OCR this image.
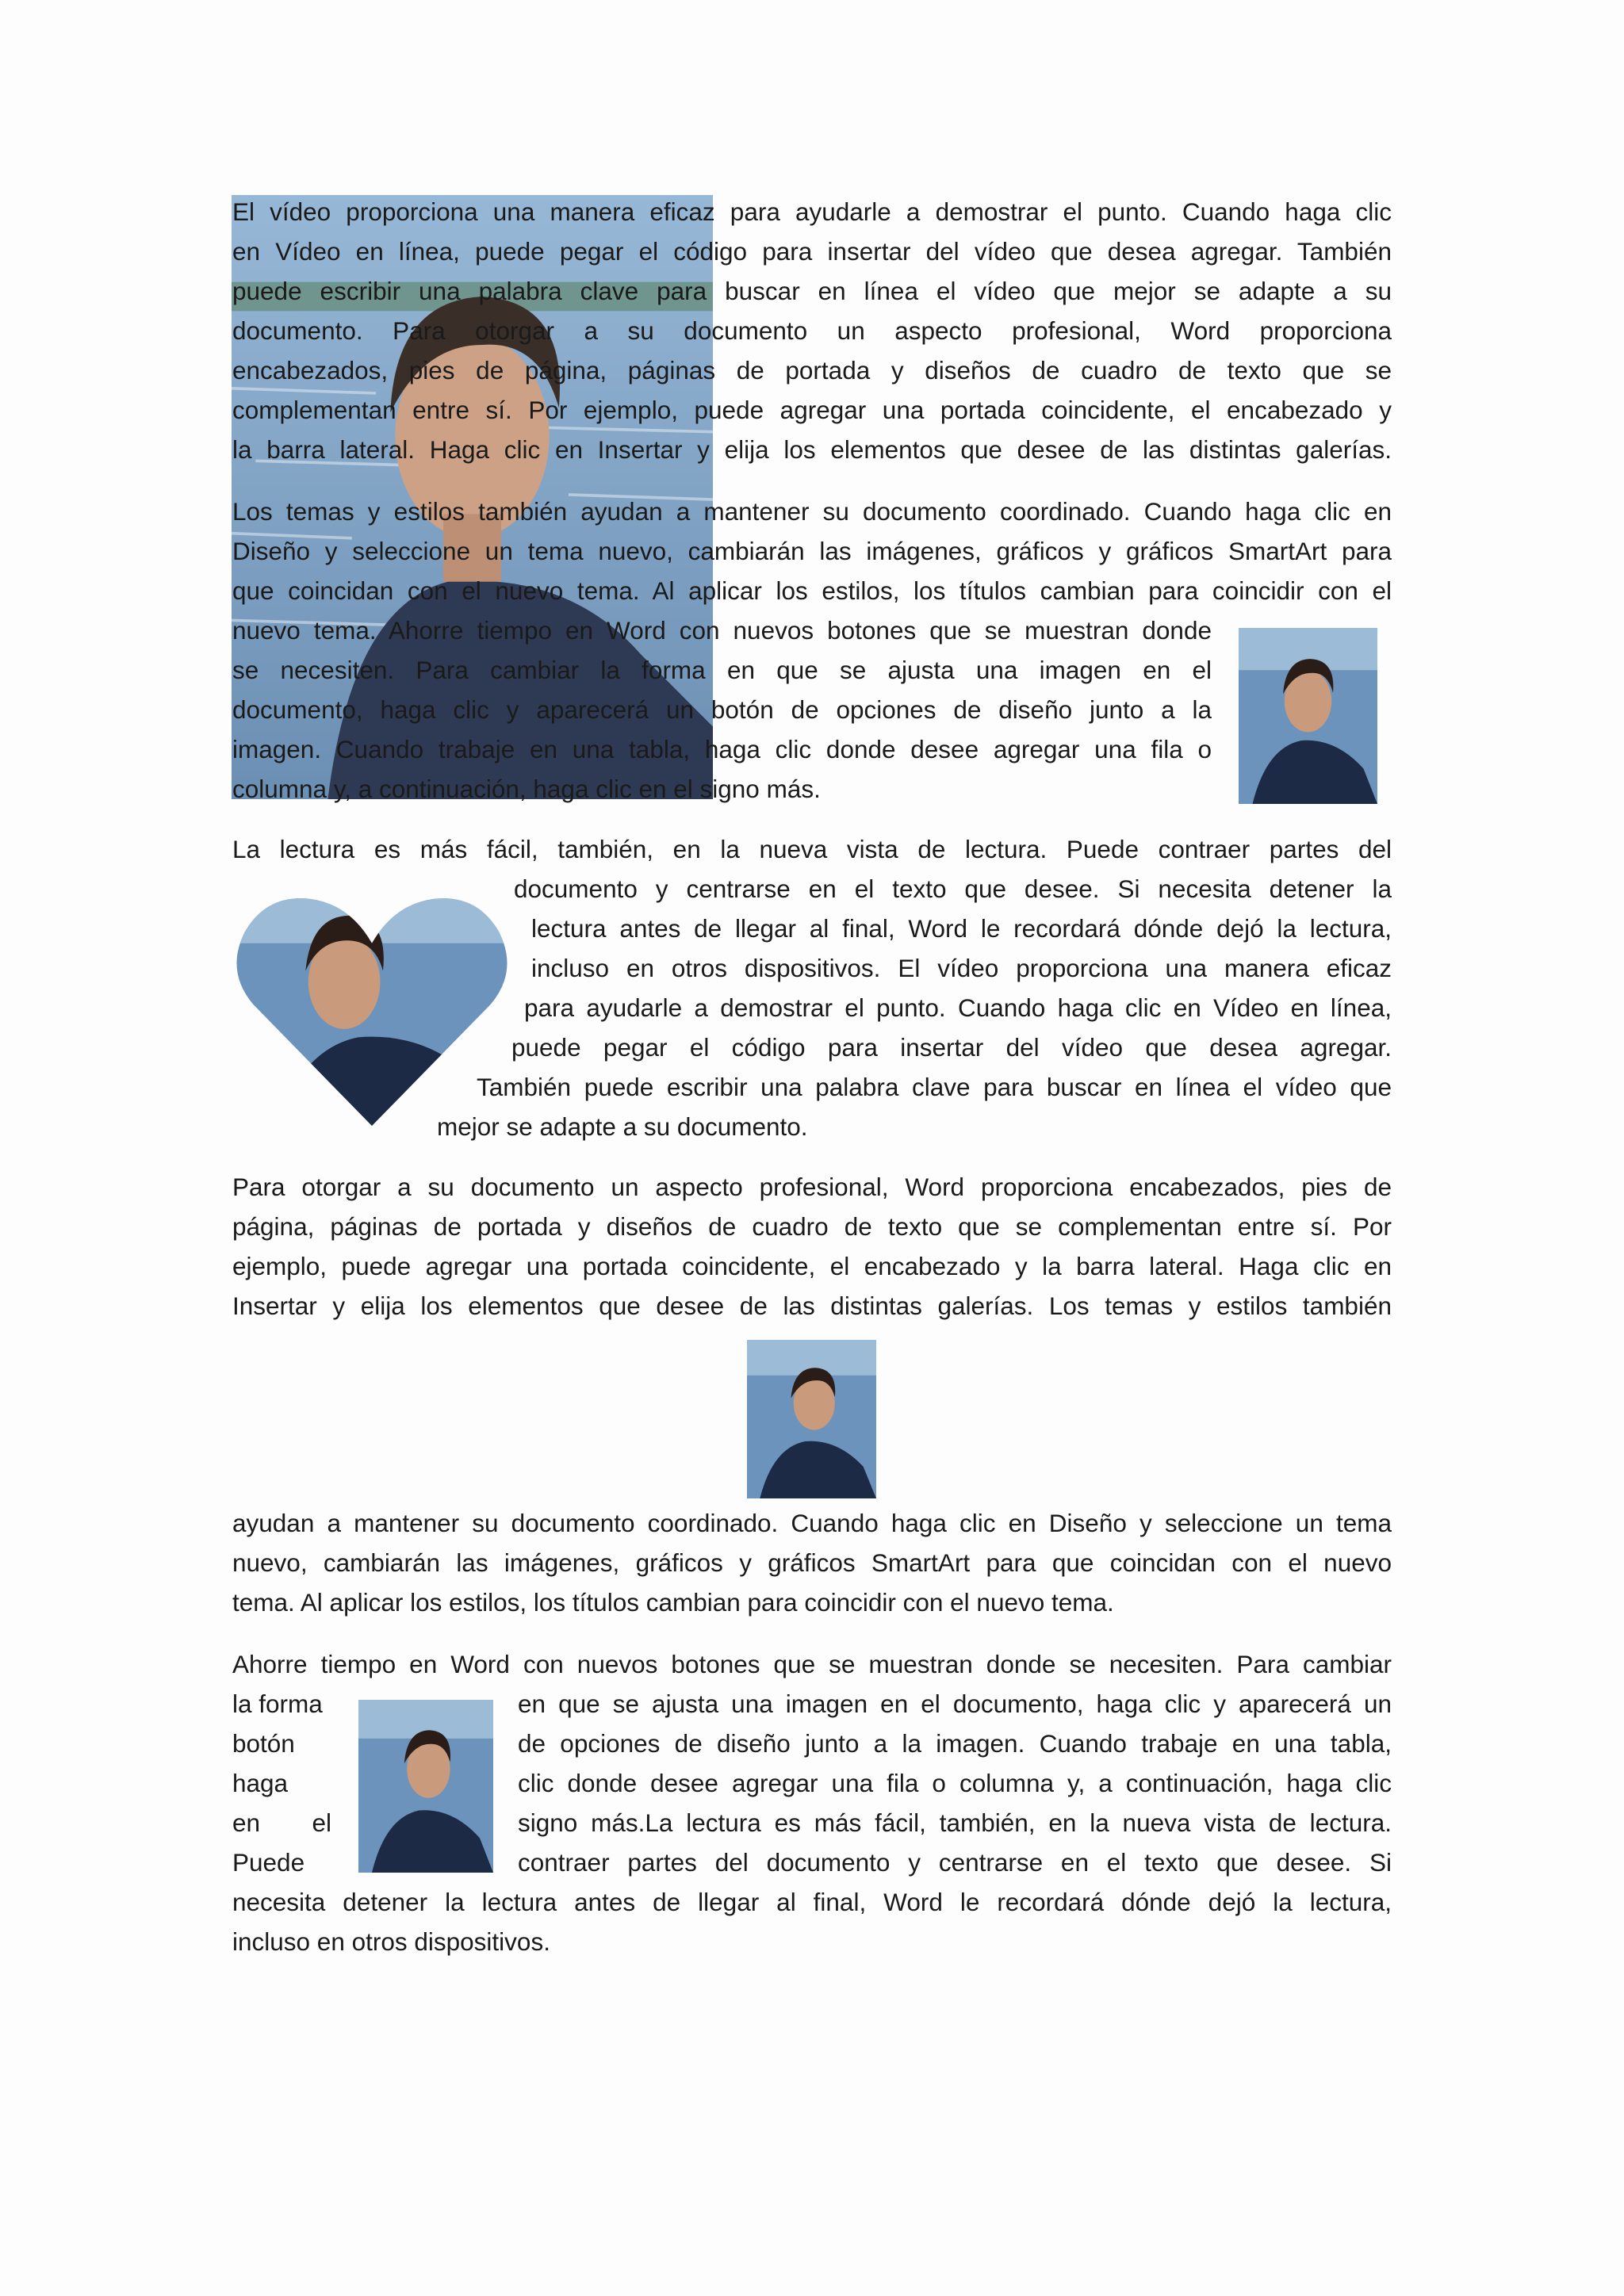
El vídeo proporciona una manera eficaz para ayudarle a demostrar el punto. Cuando haga clic
en Vídeo en línea, puede pegar el código para insertar del vídeo que desea agregar. También
puede escribir una palabra clave para buscar en línea el vídeo que mejor se adapte a su
documento. Para otorgar a su documento un aspecto profesional, Word proporciona
encabezados, pies de página, páginas de portada y diseños de cuadro de texto que se
complementan entre sí. Por ejemplo, puede agregar una portada coincidente, el encabezado y
la barra lateral. Haga clic en Insertar y elija los elementos que desee de las distintas galerías.
Los temas y estilos también ayudan a mantener su documento coordinado. Cuando haga clic en
Diseño y seleccione un tema nuevo, cambiarán las imágenes, gráficos y gráficos SmartArt para
que coincidan con el nuevo tema. Al aplicar los estilos, los títulos cambian para coincidir con el
nuevo tema. Ahorre tiempo en Word con nuevos botones que se muestran donde
se necesiten. Para cambiar la forma en que se ajusta una imagen en el
documento, haga clic y aparecerá un botón de opciones de diseño junto a la
imagen. Cuando trabaje en una tabla, haga clic donde desee agregar una fila o
columna y, a continuación, haga clic en el signo más.
La lectura es más fácil, también, en la nueva vista de lectura. Puede contraer partes del
documento y centrarse en el texto que desee. Si necesita detener la
lectura antes de llegar al final, Word le recordará dónde dejó la lectura,
incluso en otros dispositivos. El vídeo proporciona una manera eficaz
para ayudarle a demostrar el punto. Cuando haga clic en Vídeo en línea,
puede pegar el código para insertar del vídeo que desea agregar.
También puede escribir una palabra clave para buscar en línea el vídeo que
mejor se adapte a su documento.
Para otorgar a su documento un aspecto profesional, Word proporciona encabezados, pies de
página, páginas de portada y diseños de cuadro de texto que se complementan entre sí. Por
ejemplo, puede agregar una portada coincidente, el encabezado y la barra lateral. Haga clic en
Insertar y elija los elementos que desee de las distintas galerías. Los temas y estilos también
ayudan a mantener su documento coordinado. Cuando haga clic en Diseño y seleccione un tema
nuevo, cambiarán las imágenes, gráficos y gráficos SmartArt para que coincidan con el nuevo
tema. Al aplicar los estilos, los títulos cambian para coincidir con el nuevo tema.
Ahorre tiempo en Word con nuevos botones que se muestran donde se necesiten. Para cambiar
la forma
botón
haga
en el
Puede
en que se ajusta una imagen en el documento, haga clic y aparecerá un
de opciones de diseño junto a la imagen. Cuando trabaje en una tabla,
clic donde desee agregar una fila o columna y, a continuación, haga clic
signo más.La lectura es más fácil, también, en la nueva vista de lectura.
contraer partes del documento y centrarse en el texto que desee. Si
necesita detener la lectura antes de llegar al final, Word le recordará dónde dejó la lectura,
incluso en otros dispositivos.
